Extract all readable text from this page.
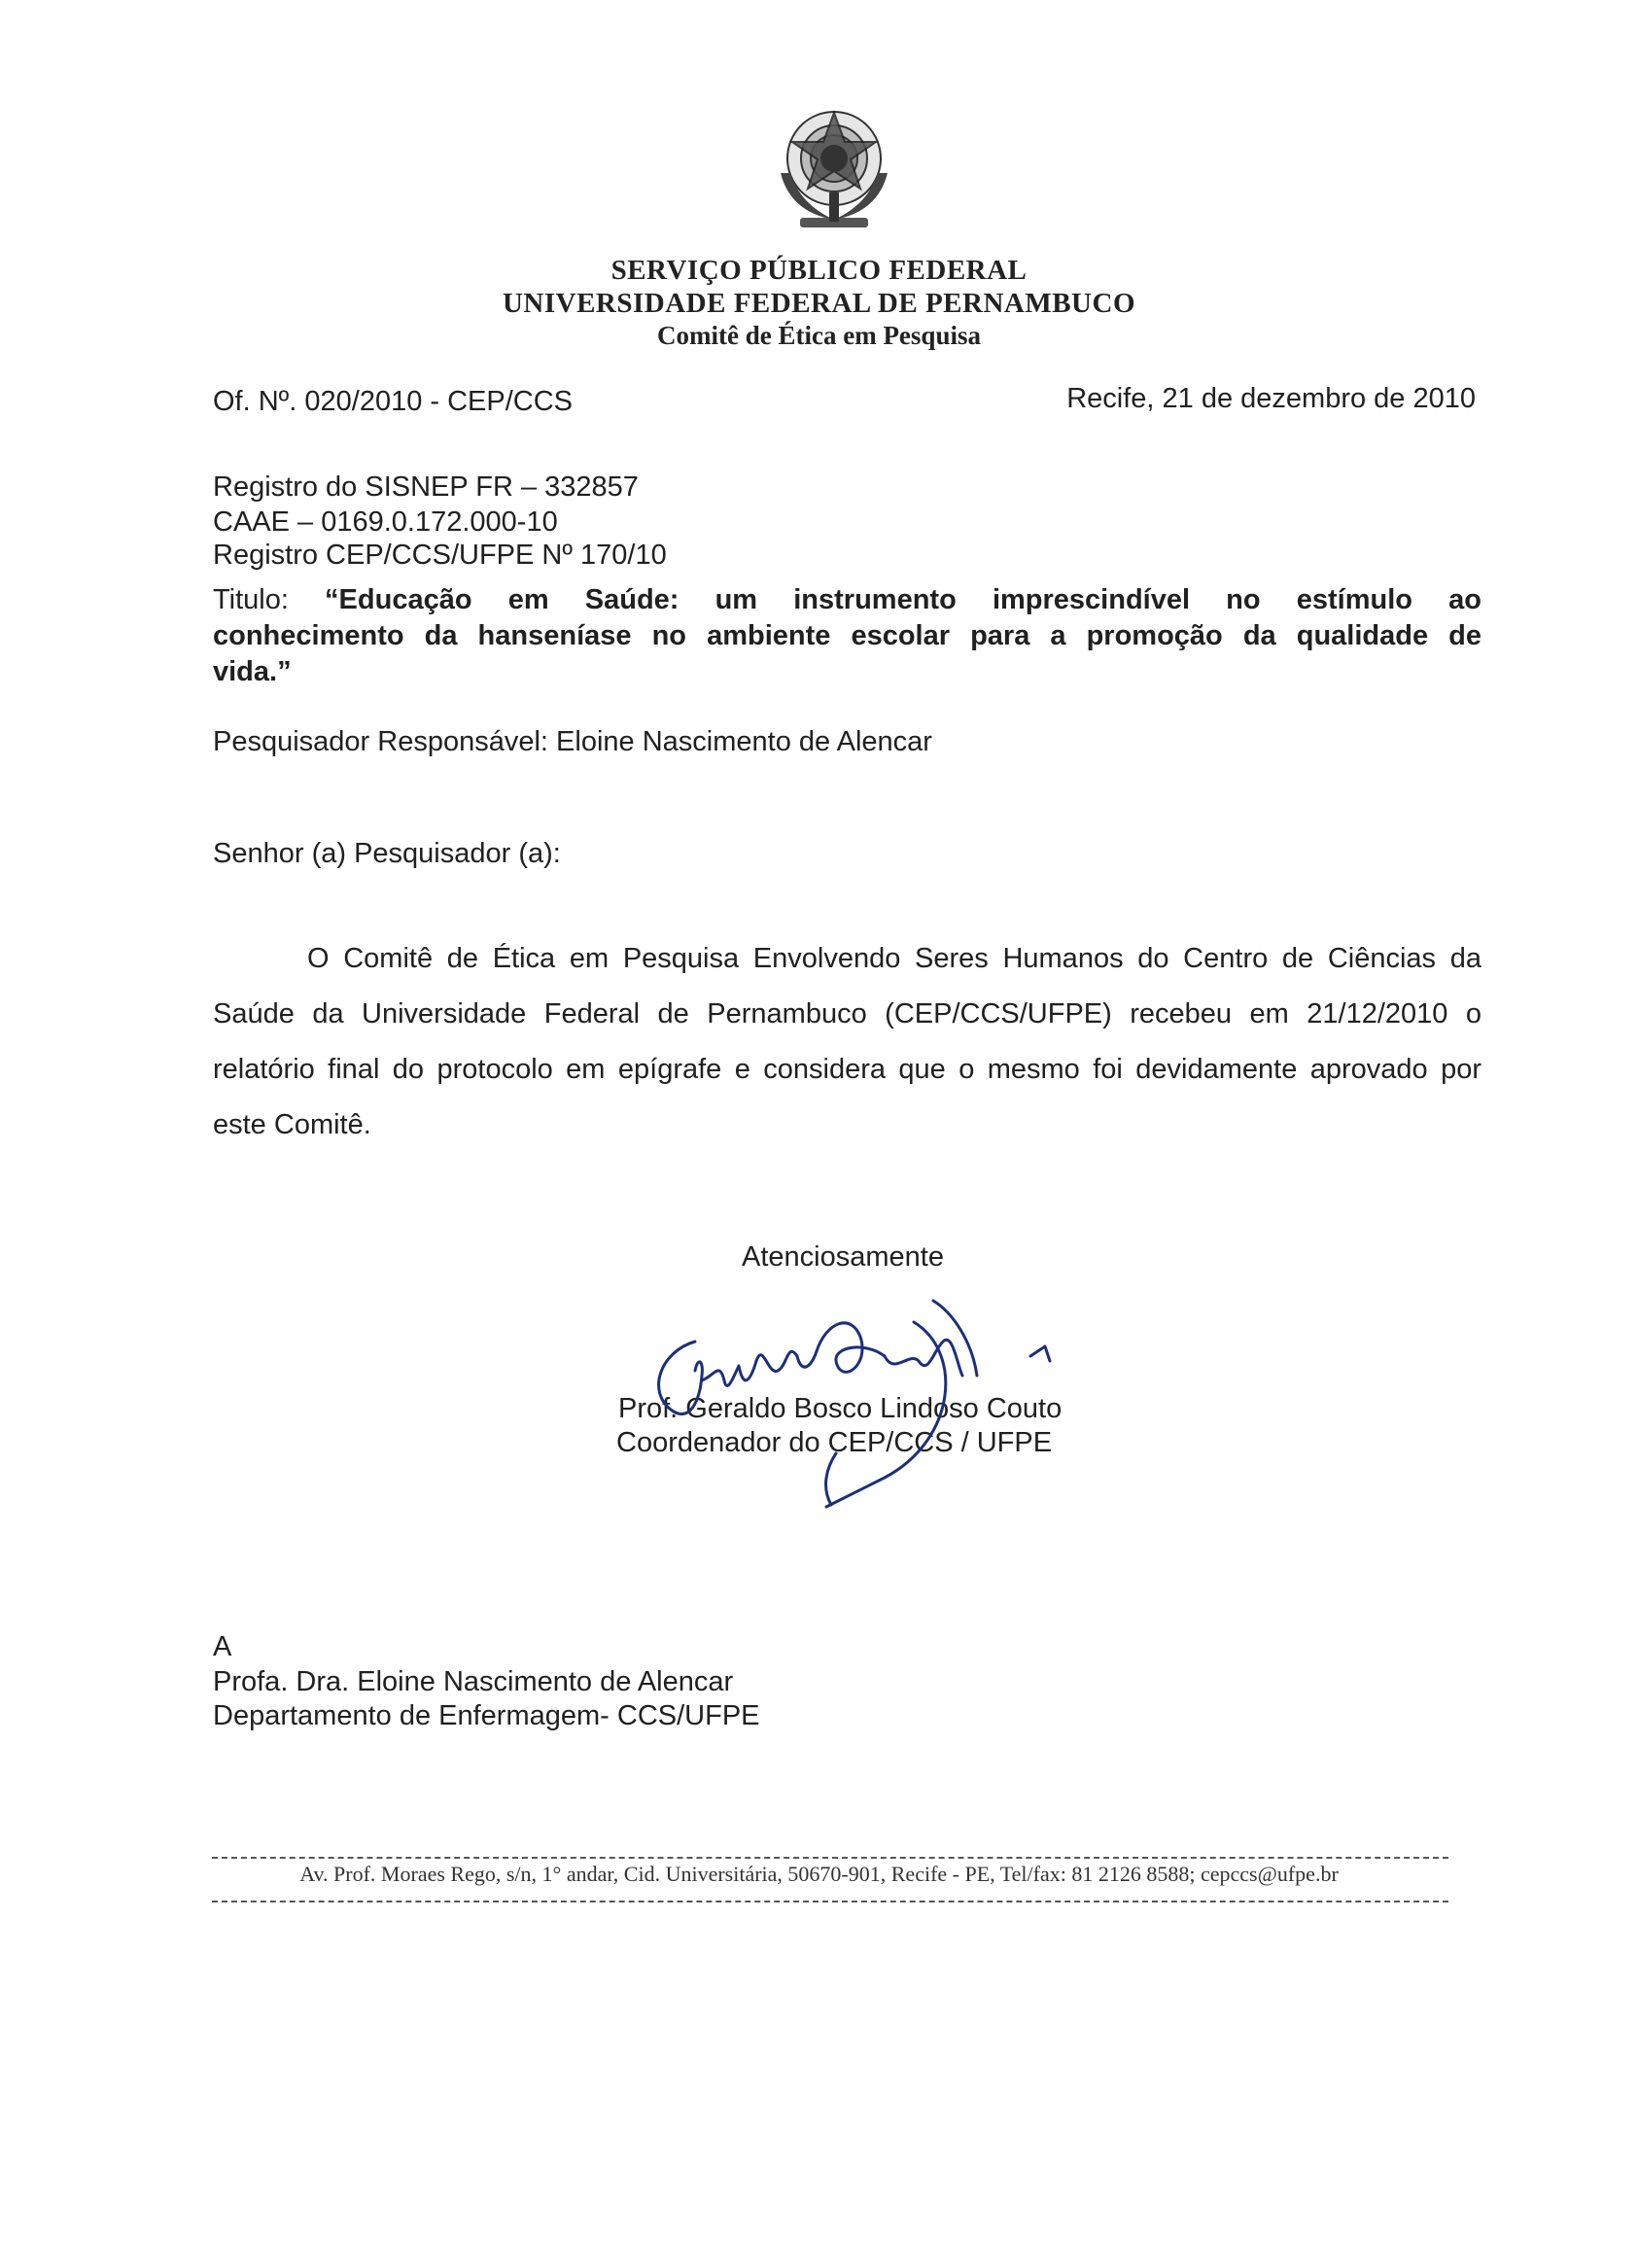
SERVIÇO PÚBLICO FEDERAL
UNIVERSIDADE FEDERAL DE PERNAMBUCO
Comitê de Ética em Pesquisa
Of. Nº. 020/2010 - CEP/CCS	Recife, 21 de dezembro de 2010
Registro do SISNEP FR – 332857
CAAE – 0169.0.172.000-10
Registro CEP/CCS/UFPE Nº 170/10
Titulo: “Educação em Saúde: um instrumento imprescindível no estímulo ao
conhecimento da hanseníase no ambiente escolar para a promoção da qualidade de
vida.”
Pesquisador Responsável: Eloine Nascimento de Alencar
Senhor (a) Pesquisador (a):
O Comitê de Ética em Pesquisa Envolvendo Seres Humanos do Centro de Ciências da
Saúde da Universidade Federal de Pernambuco (CEP/CCS/UFPE) recebeu em 21/12/2010 o
relatório final do protocolo em epígrafe e considera que o mesmo foi devidamente aprovado por
este Comitê.
Atenciosamente
Prof. Geraldo Bosco Lindoso Couto
Coordenador do CEP/CCS / UFPE
A
Profa. Dra. Eloine Nascimento de Alencar
Departamento de Enfermagem- CCS/UFPE
Av. Prof. Moraes Rego, s/n, 1° andar, Cid. Universitária, 50670-901, Recife - PE, Tel/fax: 81 2126 8588; cepccs@ufpe.br
